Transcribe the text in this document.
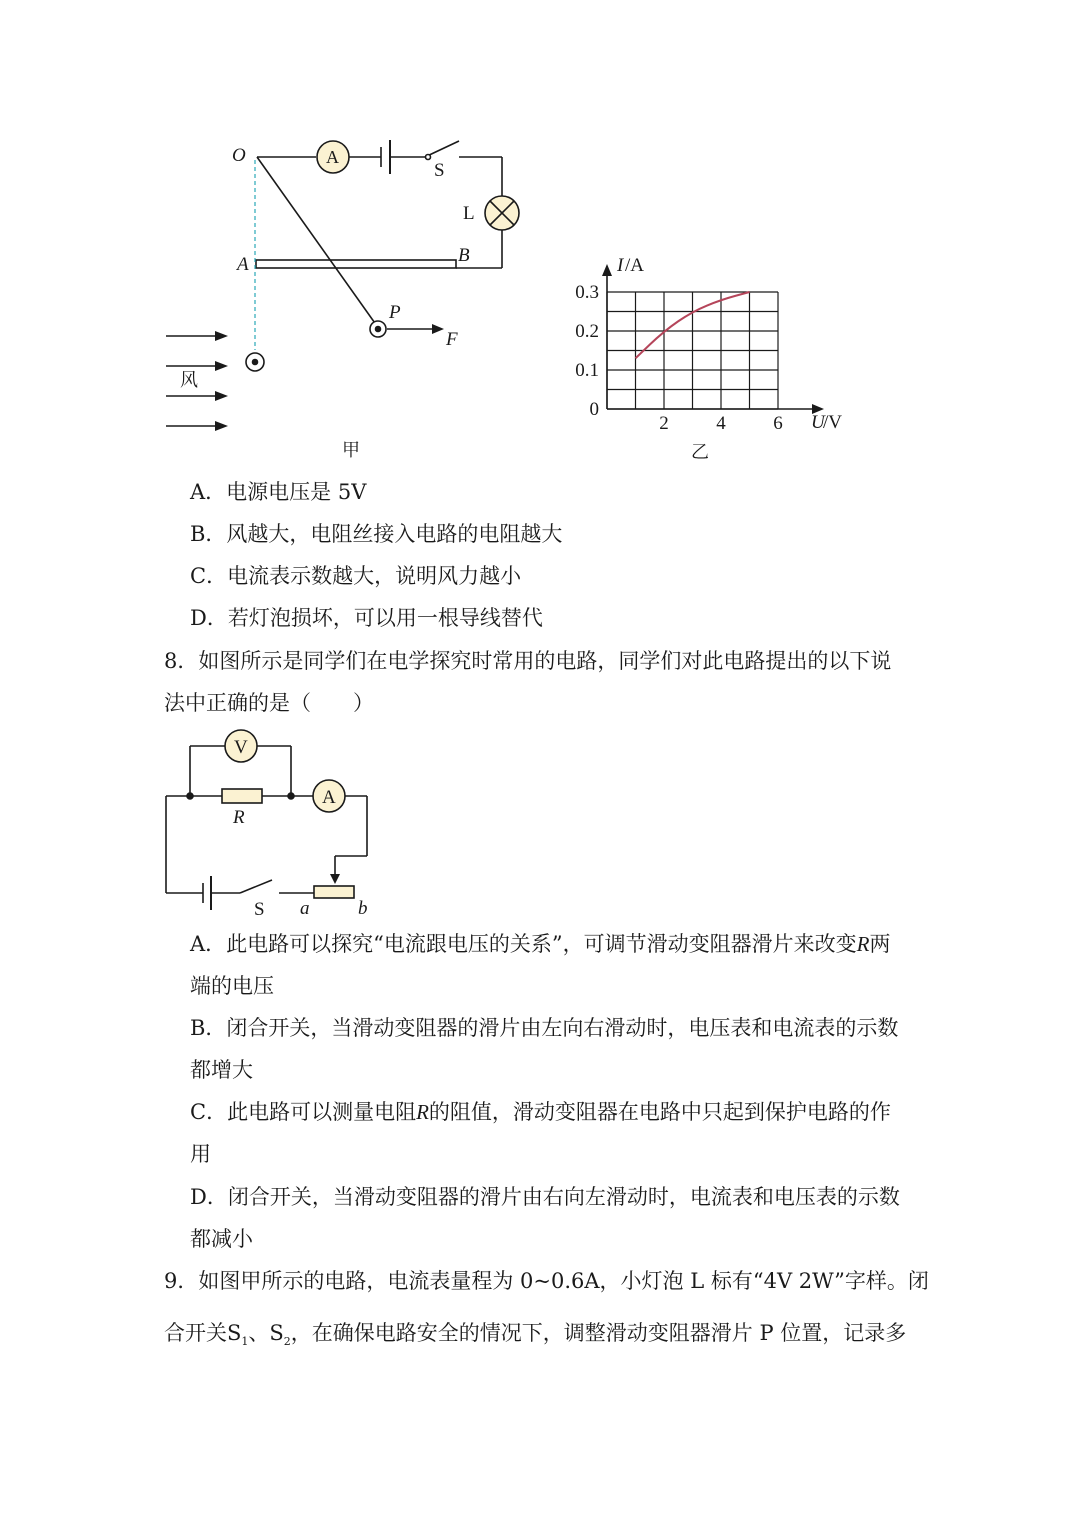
O	A
S
L
A	B
P
F
风
甲
0.3
0.2
0.1
0
2	4	6
I /A
U
/V
乙
V
A
R
S a	b
A．电源电压是 5V
B．风越大，电阻丝接入电路的电阻越大
C．电流表示数越大，说明风力越小
D．若灯泡损坏，可以用一根导线替代
8．如图所示是同学们在电学探究时常用的电路，同学们对此电路提出的以下说
法中正确的是（　　）
A．此电路可以探究“电流跟电压的关系”，可调节滑动变阻器滑片来改变R两
端的电压
B．闭合开关，当滑动变阻器的滑片由左向右滑动时，电压表和电流表的示数
都增大
C．此电路可以测量电阻R的阻值，滑动变阻器在电路中只起到保护电路的作
用
D．闭合开关，当滑动变阻器的滑片由右向左滑动时，电流表和电压表的示数
都减小
9．如图甲所示的电路，电流表量程为 0~0.6A，小灯泡 L 标有“4V 2W”字样。闭
合开关$S_1$、$S_2$，在确保电路安全的情况下，调整滑动变阻器滑片 P 位置，记录多
